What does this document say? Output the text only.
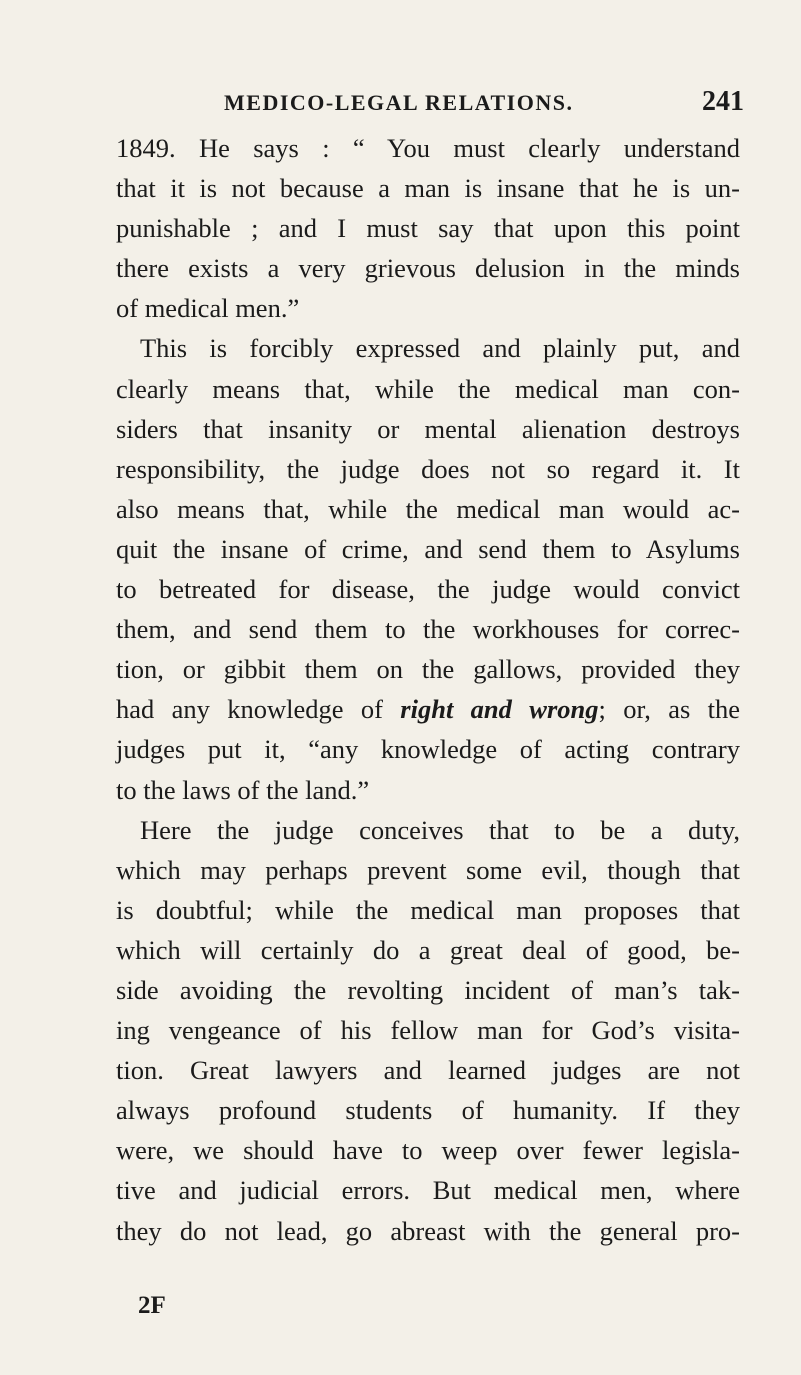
MEDICO-LEGAL RELATIONS.	241
1849. He says : “ You must clearly understand
that it is not because a man is insane that he is un-
punishable ; and I must say that upon this point
there exists a very grievous delusion in the minds
of medical men.”
This is forcibly expressed and plainly put, and
clearly means that, while the medical man con-
siders that insanity or mental alienation destroys
responsibility, the judge does not so regard it. It
also means that, while the medical man would ac-
quit the insane of crime, and send them to Asylums
to betreated for disease, the judge would convict
them, and send them to the workhouses for correc-
tion, or gibbit them on the gallows, provided they
had any knowledge of right and wrong; or, as the
judges put it, “any knowledge of acting contrary
to the laws of the land.”
Here the judge conceives that to be a duty,
which may perhaps prevent some evil, though that
is doubtful; while the medical man proposes that
which will certainly do a great deal of good, be-
side avoiding the revolting incident of man’s tak-
ing vengeance of his fellow man for God’s visita-
tion. Great lawyers and learned judges are not
always profound students of humanity. If they
were, we should have to weep over fewer legisla-
tive and judicial errors. But medical men, where
they do not lead, go abreast with the general pro-
2F
